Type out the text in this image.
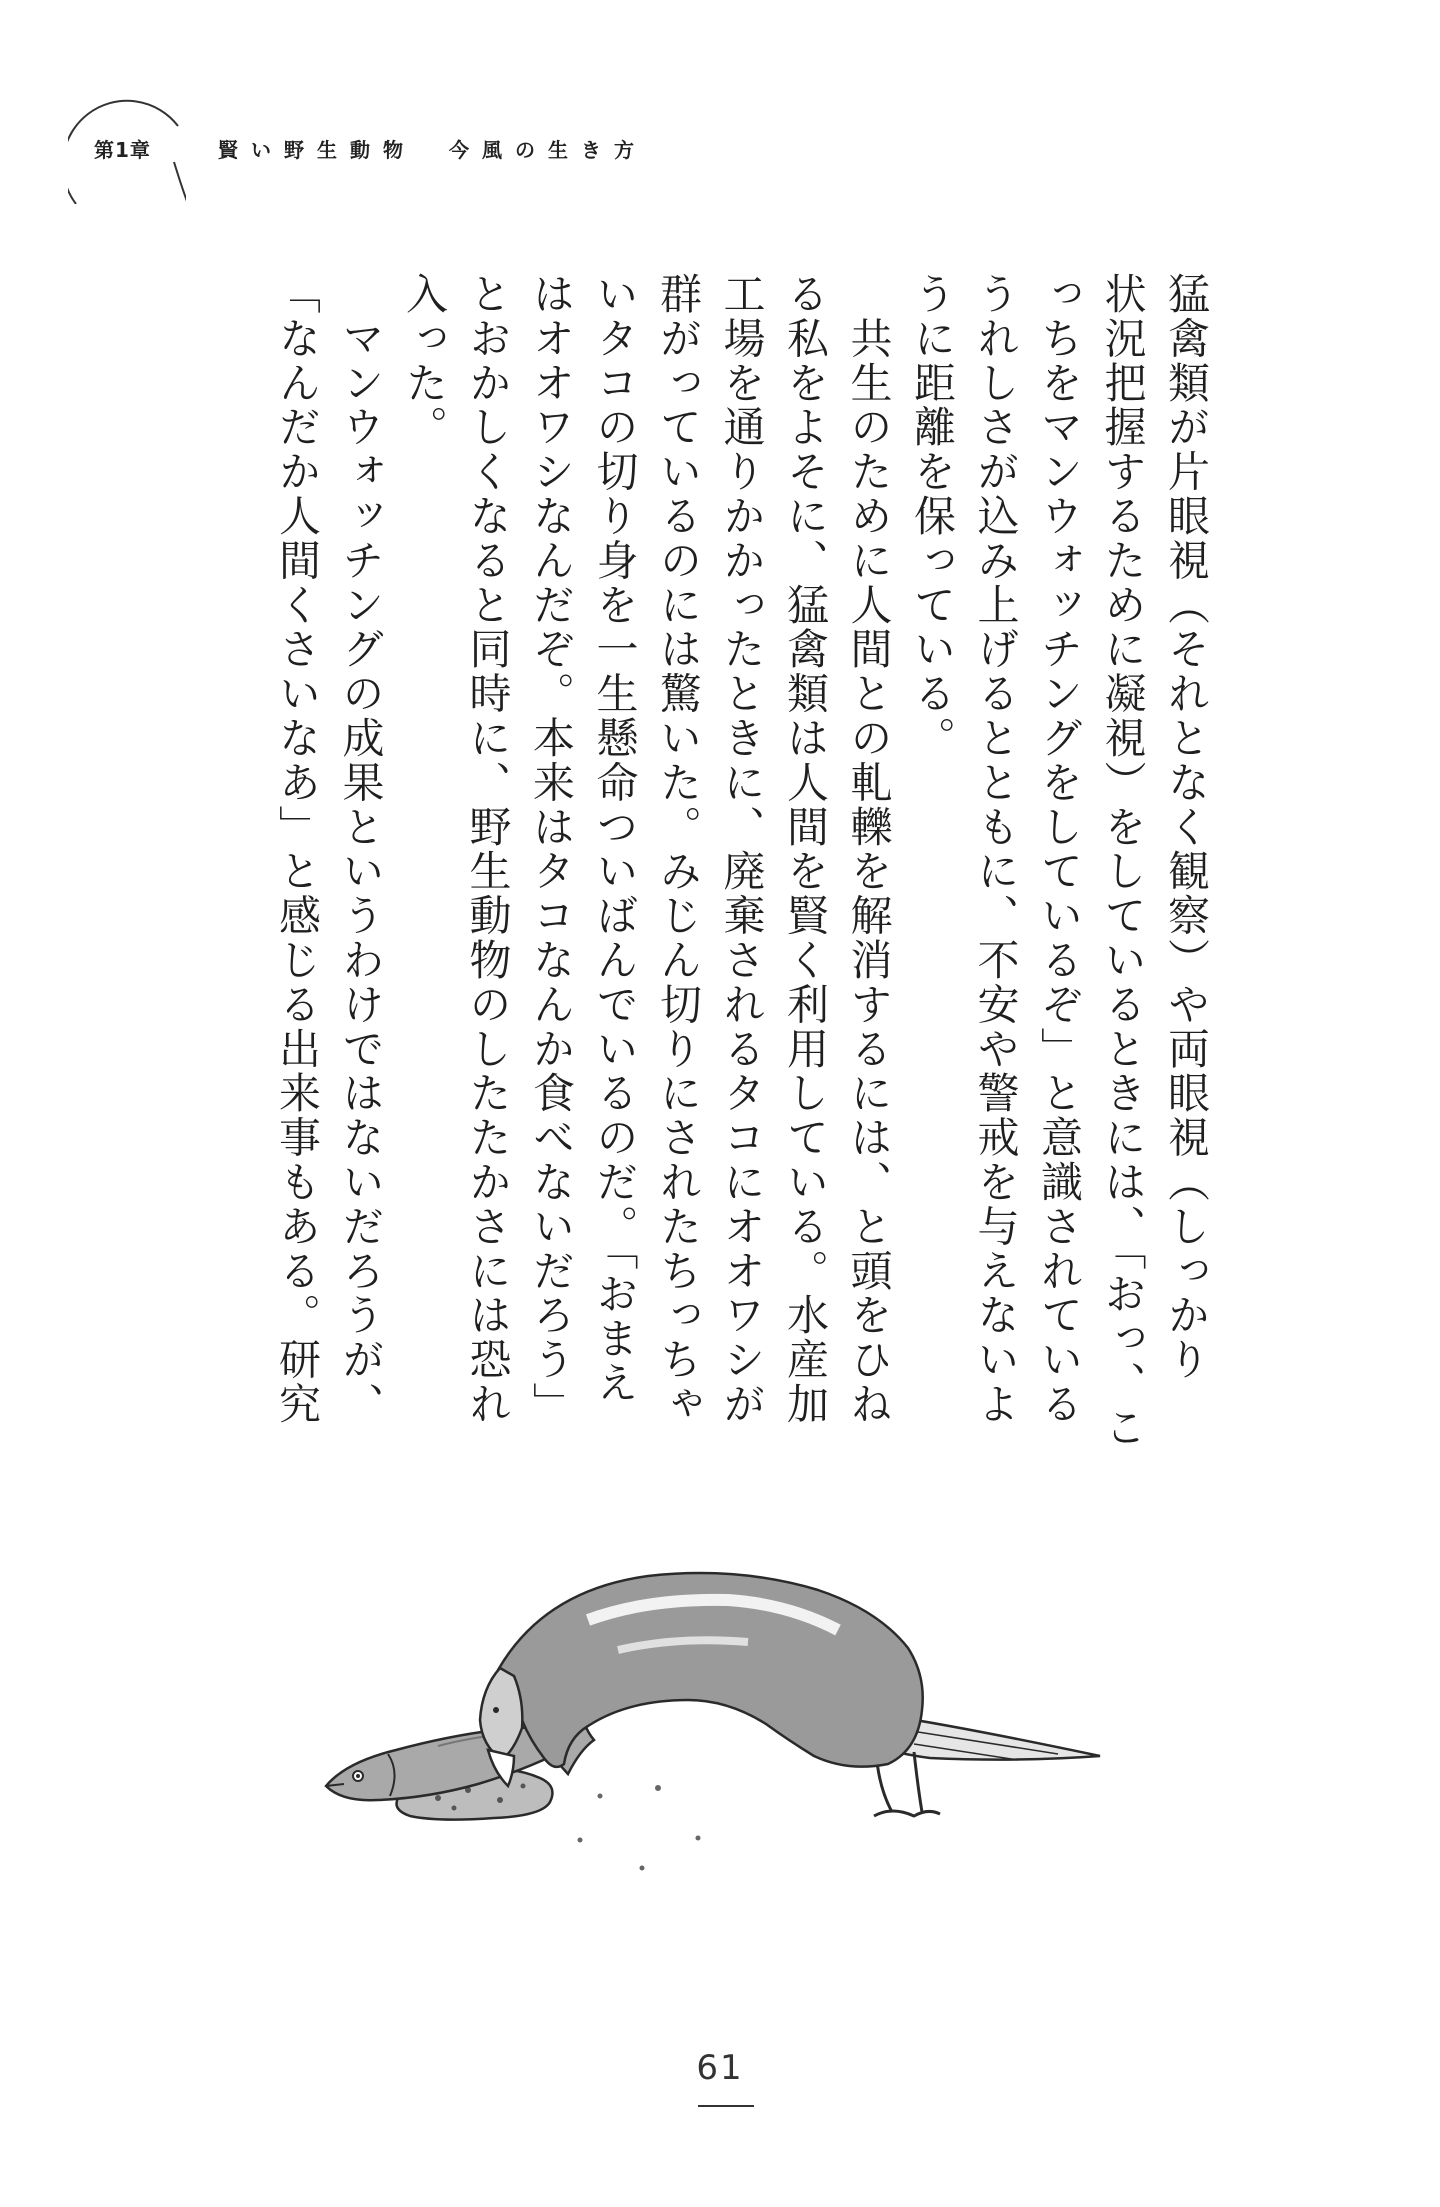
第1章	賢い野生動物　今風の生き方
猛禽類が片眼視（それとなく観察）や両眼視（しっかり
状況把握するために凝視）をしているときには、「おっ、こ
っちをマンウォッチングをしているぞ」と意識されている
うれしさが込み上げるとともに、不安や警戒を与えないよ
うに距離を保っている。
　共生のために人間との軋轢を解消するには、と頭をひね
る私をよそに、猛禽類は人間を賢く利用している。水産加
工場を通りかかったときに、廃棄されるタコにオオワシが
群がっているのには驚いた。みじん切りにされたちっちゃ
いタコの切り身を一生懸命ついばんでいるのだ。「おまえ
はオオワシなんだぞ。本来はタコなんか食べないだろう」
とおかしくなると同時に、野生動物のしたたかさには恐れ
入った。
　マンウォッチングの成果というわけではないだろうが、
「なんだか人間くさいなあ」と感じる出来事もある。研究
61
